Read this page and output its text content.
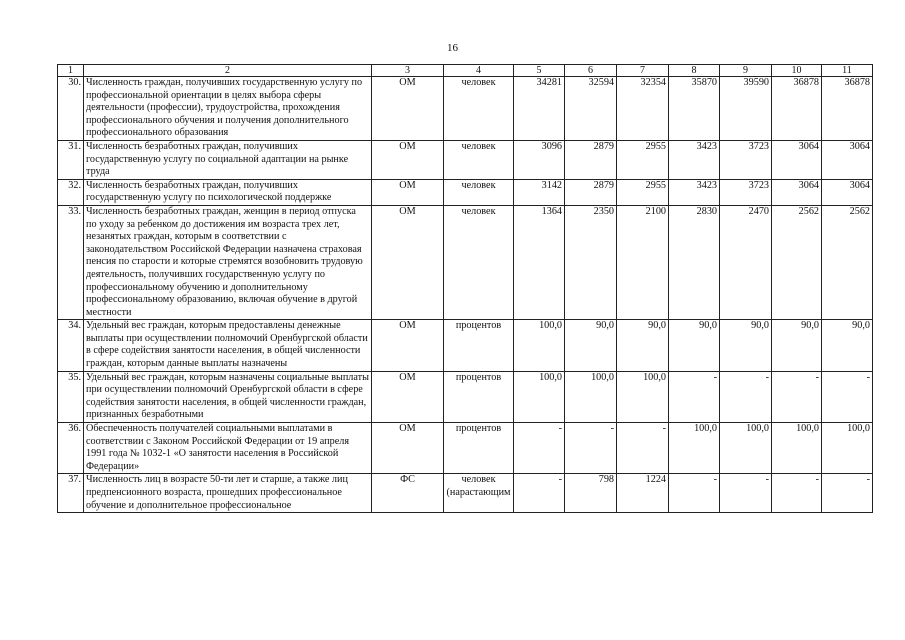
16
1	2	3	4	5	6	7	8	9	10	11
30.	Численность граждан, получивших государственную услугу по профессиональной ориентации в целях выбора сферы деятельности (профессии), трудоустройства, прохождения профессионального обучения и получения дополнительного профессионального образования	ОМ	человек	34281	32594	32354	35870	39590	36878	36878
31.	Численность безработных граждан, получивших государственную услугу по социальной адаптации на рынке труда	ОМ	человек	3096	2879	2955	3423	3723	3064	3064
32.	Численность безработных граждан, получивших государственную услугу по психологической поддержке	ОМ	человек	3142	2879	2955	3423	3723	3064	3064
33.	Численность безработных граждан, женщин в период отпуска по уходу за ребенком до достижения им возраста трех лет, незанятых граждан, которым в соответствии с законодательством Российской Федерации назначена страховая пенсия по старости и которые стремятся возобновить трудовую деятельность, получивших государственную услугу по профессиональному обучению и дополнительному профессиональному образованию, включая обучение в другой местности	ОМ	человек	1364	2350	2100	2830	2470	2562	2562
34.	Удельный вес граждан, которым предоставлены денежные выплаты при осуществлении полномочий Оренбургской области в сфере содействия занятости населения, в общей численности граждан, которым данные выплаты назначены	ОМ	процентов	100,0	90,0	90,0	90,0	90,0	90,0	90,0
35.	Удельный вес граждан, которым назначены социальные выплаты при осуществлении полномочий Оренбургской области в сфере содействия занятости населения, в общей численности граждан, признанных безработными	ОМ	процентов	100,0	100,0	100,0	-	-	-	-
36.	Обеспеченность получателей социальными выплатами в соответствии с Законом Российской Федерации от 19 апреля 1991 года № 1032-1 «О занятости населения в Российской Федерации»	ОМ	процентов	-	-	-	100,0	100,0	100,0	100,0
37.	Численность лиц в возрасте 50-ти лет и старше, а также лиц предпенсионного возраста, прошедших профессиональное обучение и дополнительное профессиональное	ФС	человек (нарастающим	-	798	1224	-	-	-	-
